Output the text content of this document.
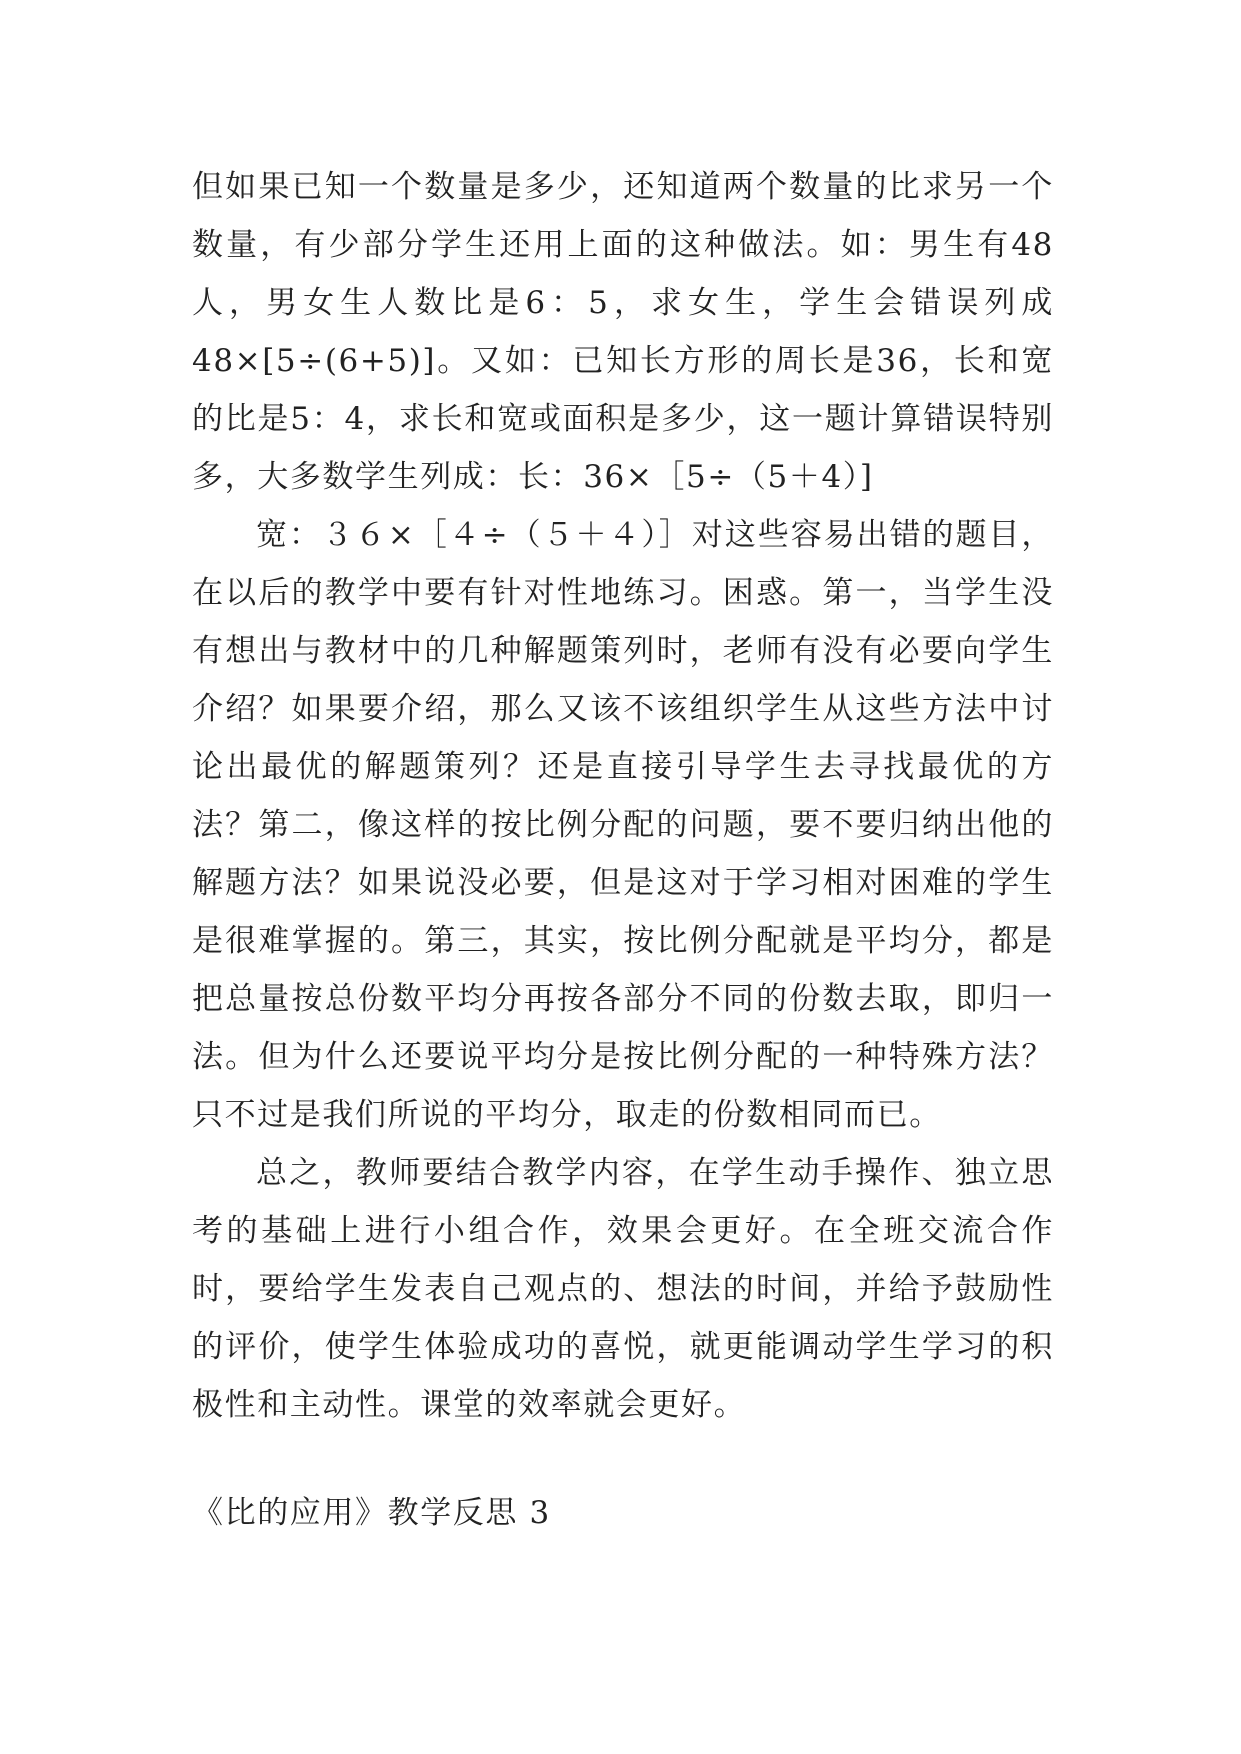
但如果已知一个数量是多少，还知道两个数量的比求另一个数量，有少部分学生还用上面的这种做法。如：男生有48人，男女生人数比是6：5，求女生，学生会错误列成48×[5÷(6+5)]。又如：已知长方形的周长是36，长和宽的比是5：4，求长和宽或面积是多少，这一题计算错误特别多，大多数学生列成：长：36×［5÷（5＋4）]

宽：３６×［４÷（５＋４）］对这些容易出错的题目，在以后的教学中要有针对性地练习。困惑。第一，当学生没有想出与教材中的几种解题策列时，老师有没有必要向学生介绍？如果要介绍，那么又该不该组织学生从这些方法中讨论出最优的解题策列？还是直接引导学生去寻找最优的方法？第二，像这样的按比例分配的问题，要不要归纳出他的解题方法？如果说没必要，但是这对于学习相对困难的学生是很难掌握的。第三，其实，按比例分配就是平均分，都是把总量按总份数平均分再按各部分不同的份数去取，即归一法。但为什么还要说平均分是按比例分配的一种特殊方法？只不过是我们所说的平均分，取走的份数相同而已。

总之，教师要结合教学内容，在学生动手操作、独立思考的基础上进行小组合作，效果会更好。在全班交流合作时，要给学生发表自己观点的、想法的时间，并给予鼓励性的评价，使学生体验成功的喜悦，就更能调动学生学习的积极性和主动性。课堂的效率就会更好。

《比的应用》教学反思 3
